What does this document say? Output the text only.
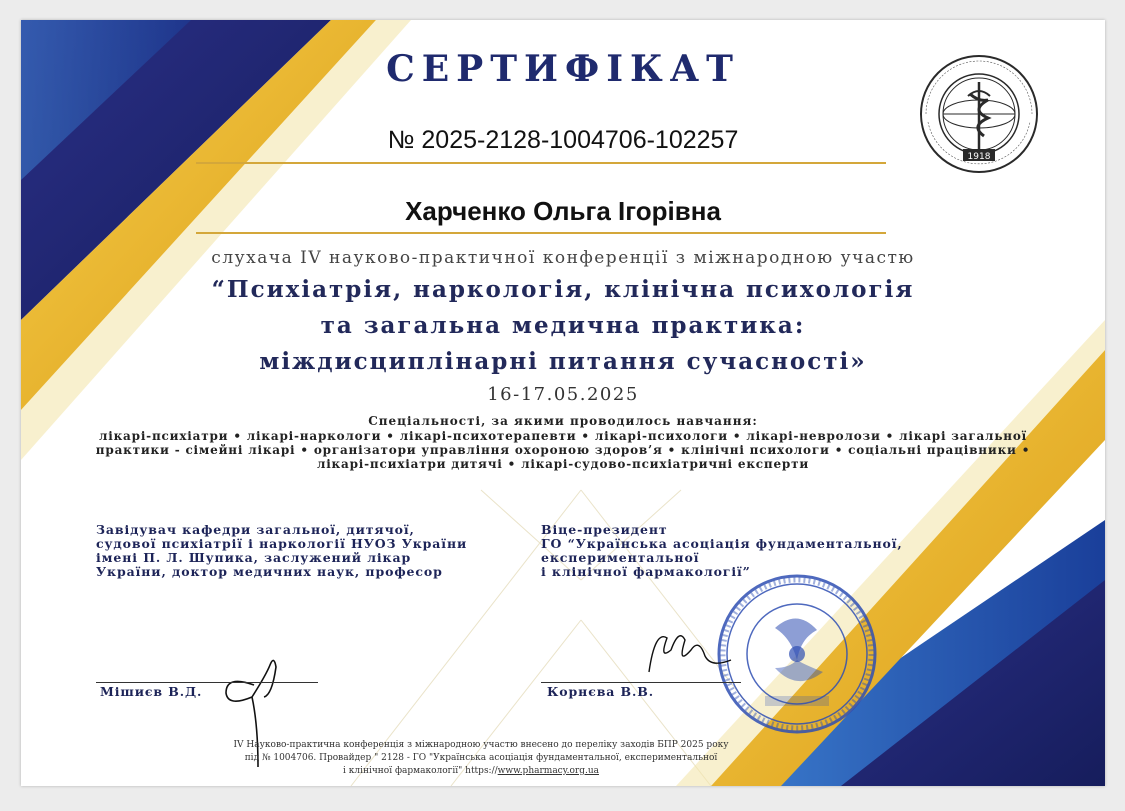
1918
СЕРТИФІКАТ
№ 2025-2128-1004706-102257
Харченко Ольга Ігорівна
слухача IV науково-практичної конференції з міжнародною участю
“Психіатрія, наркологія, клінічна психологія
та загальна медична практика:
міждисциплінарні питання сучасності»
16-17.05.2025
Спеціальності, за якими проводилось навчання:
лікарі-психіатри • лікарі-наркологи • лікарі-психотерапевти • лікарі-психологи • лікарі-невролози • лікарі загальної
практики - сімейні лікарі • організатори управління охороною здоров’я • клінічні психологи • соціальні працівники •
лікарі-психіатри дитячі • лікарі-судово-психіатричні експерти
Завідувач кафедри загальної, дитячої,
судової психіатрії і наркології НУОЗ України
імені П. Л. Шупика, заслужений лікар
України, доктор медичних наук, професор
Віце-президент
ГО “Українська асоціація фундаментальної,
експериментальної
і клінічної фармакології”
Мішиєв В.Д.	Корнєва В.В.
IV Науково-практична конференція з міжнародною участю внесено до переліку заходів БПР 2025 року
під № 1004706. Провайдер " 2128 - ГО "Українська асоціація фундаментальної, експериментальної
і клінічної фармакології" https://www.pharmacy.org.ua
